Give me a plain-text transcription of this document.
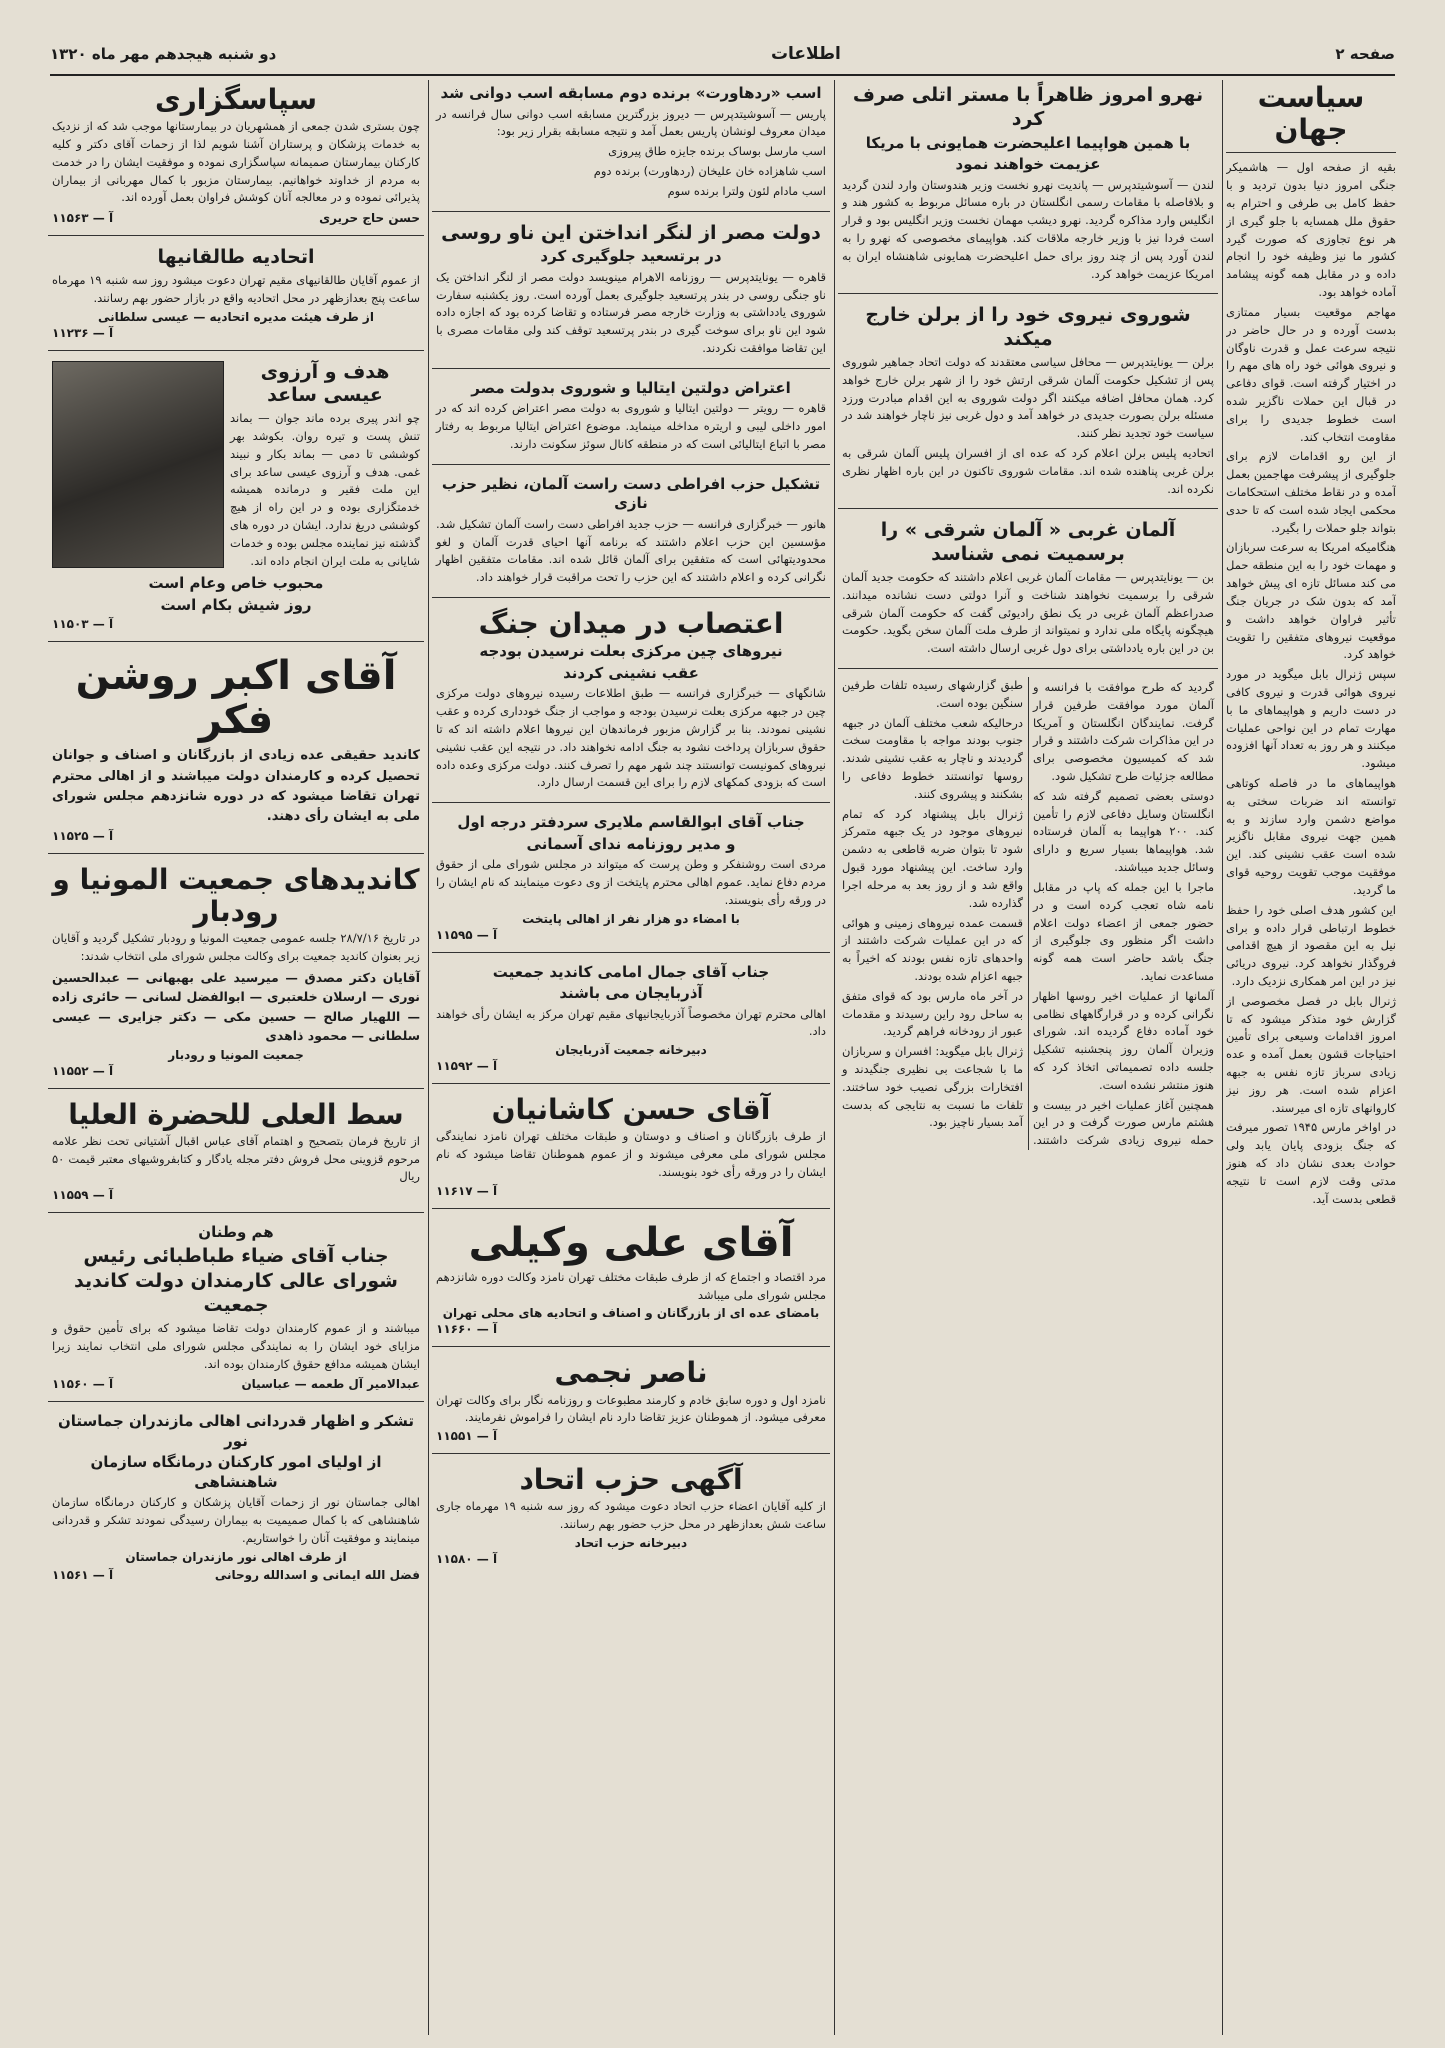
صفحه ۲
اطلاعات
دو شنبه هیجدهم مهر ماه ۱۳۲۰
سیاست جهان

بقیه از صفحه اول — هاشمیکر جنگی امروز دنیا بدون تردید و با حفظ کامل بی طرفی و احترام به حقوق ملل همسایه با جلو گیری از هر نوع تجاوزی که صورت گیرد کشور ما نیز وظیفه خود را انجام داده و در مقابل همه گونه پیشامد آماده خواهد بود.

مهاجم موقعیت بسیار ممتازی بدست آورده و در حال حاضر در نتیجه سرعت عمل و قدرت ناوگان و نیروی هوائی خود راه های مهم را در اختیار گرفته است. قوای دفاعی در قبال این حملات ناگزیر شده است خطوط جدیدی را برای مقاومت انتخاب کند.

از این رو اقدامات لازم برای جلوگیری از پیشرفت مهاجمین بعمل آمده و در نقاط مختلف استحکامات محکمی ایجاد شده است که تا حدی بتواند جلو حملات را بگیرد.

هنگامیکه امریکا به سرعت سربازان و مهمات خود را به این منطقه حمل می کند مسائل تازه ای پیش خواهد آمد که بدون شک در جریان جنگ تأثیر فراوان خواهد داشت و موقعیت نیروهای متفقین را تقویت خواهد کرد.

سپس ژنرال بابل میگوید در مورد نیروی هوائی قدرت و نیروی کافی در دست داریم و هواپیماهای ما با مهارت تمام در این نواحی عملیات میکنند و هر روز به تعداد آنها افزوده میشود.

هواپیماهای ما در فاصله کوتاهی توانسته اند ضربات سختی به مواضع دشمن وارد سازند و به همین جهت نیروی مقابل ناگزیر شده است عقب نشینی کند. این موفقیت موجب تقویت روحیه قوای ما گردید.

این کشور هدف اصلی خود را حفظ خطوط ارتباطی قرار داده و برای نیل به این مقصود از هیچ اقدامی فروگذار نخواهد کرد. نیروی دریائی نیز در این امر همکاری نزدیک دارد.

ژنرال بابل در فصل مخصوصی از گزارش خود متذکر میشود که تا امروز اقدامات وسیعی برای تأمین احتیاجات قشون بعمل آمده و عده زیادی سرباز تازه نفس به جبهه اعزام شده است. هر روز نیز کاروانهای تازه ای میرسند.

در اواخر مارس ۱۹۴۵ تصور میرفت که جنگ بزودی پایان یابد ولی حوادث بعدی نشان داد که هنوز مدتی وقت لازم است تا نتیجه قطعی بدست آید.

نهرو امروز ظاهراً با مستر اتلی صرف کرد
با همین هواپیما اعلیحضرت همایونی با مریکا
عزیمت خواهند نمود

لندن — آسوشیتدپرس — پاندیت نهرو نخست وزیر هندوستان وارد لندن گردید و بلافاصله با مقامات رسمی انگلستان در باره مسائل مربوط به کشور هند و انگلیس وارد مذاکره گردید. نهرو دیشب مهمان نخست وزیر انگلیس بود و قرار است فردا نیز با وزیر خارجه ملاقات کند. هواپیمای مخصوصی که نهرو را به لندن آورد پس از چند روز برای حمل اعلیحضرت همایونی شاهنشاه ایران به امریکا عزیمت خواهد کرد.

شوروی نیروی خود را از برلن خارج میکند

برلن — یونایتدپرس — محافل سیاسی معتقدند که دولت اتحاد جماهیر شوروی پس از تشکیل حکومت آلمان شرقی ارتش خود را از شهر برلن خارج خواهد کرد. همان محافل اضافه میکنند اگر دولت شوروی به این اقدام مبادرت ورزد مسئله برلن بصورت جدیدی در خواهد آمد و دول غربی نیز ناچار خواهند شد در سیاست خود تجدید نظر کنند.

اتحادیه پلیس برلن اعلام کرد که عده ای از افسران پلیس آلمان شرقی به برلن غربی پناهنده شده اند. مقامات شوروی تاکنون در این باره اظهار نظری نکرده اند.

آلمان غربی « آلمان شرقی » را برسمیت نمی شناسد

بن — یونایتدپرس — مقامات آلمان غربی اعلام داشتند که حکومت جدید آلمان شرقی را برسمیت نخواهند شناخت و آنرا دولتی دست نشانده میدانند. صدراعظم آلمان غربی در یک نطق رادیوئی گفت که حکومت آلمان شرقی هیچگونه پایگاه ملی ندارد و نمیتواند از طرف ملت آلمان سخن بگوید. حکومت بن در این باره یادداشتی برای دول غربی ارسال داشته است.

گردید که طرح موافقت با فرانسه و آلمان مورد موافقت طرفین قرار گرفت. نمایندگان انگلستان و آمریکا در این مذاکرات شرکت داشتند و قرار شد که کمیسیون مخصوصی برای مطالعه جزئیات طرح تشکیل شود.

دوستی بعضی تصمیم گرفته شد که انگلستان وسایل دفاعی لازم را تأمین کند. ۲۰۰ هواپیما به آلمان فرستاده شد. هواپیماها بسیار سریع و دارای وسائل جدید میباشند.

ماجرا با این جمله که پاپ در مقابل نامه شاه تعجب کرده است و در حضور جمعی از اعضاء دولت اعلام داشت اگر منظور وی جلوگیری از جنگ باشد حاضر است همه گونه مساعدت نماید.

آلمانها از عملیات اخیر روسها اظهار نگرانی کرده و در قرارگاههای نظامی خود آماده دفاع گردیده اند. شورای وزیران آلمان روز پنجشنبه تشکیل جلسه داده تصمیماتی اتخاذ کرد که هنوز منتشر نشده است.

همچنین آغاز عملیات اخیر در بیست و هشتم مارس صورت گرفت و در این حمله نیروی زیادی شرکت داشتند. طبق گزارشهای رسیده تلفات طرفین سنگین بوده است.

درحالیکه شعب مختلف آلمان در جبهه جنوب بودند مواجه با مقاومت سخت گردیدند و ناچار به عقب نشینی شدند. روسها توانستند خطوط دفاعی را بشکنند و پیشروی کنند.

ژنرال بابل پیشنهاد کرد که تمام نیروهای موجود در یک جبهه متمرکز شود تا بتوان ضربه قاطعی به دشمن وارد ساخت. این پیشنهاد مورد قبول واقع شد و از روز بعد به مرحله اجرا گذارده شد.

قسمت عمده نیروهای زمینی و هوائی که در این عملیات شرکت داشتند از واحدهای تازه نفس بودند که اخیراً به جبهه اعزام شده بودند.

در آخر ماه مارس بود که قوای متفق به ساحل رود راین رسیدند و مقدمات عبور از رودخانه فراهم گردید.

ژنرال بابل میگوید: افسران و سربازان ما با شجاعت بی نظیری جنگیدند و افتخارات بزرگی نصیب خود ساختند. تلفات ما نسبت به نتایجی که بدست آمد بسیار ناچیز بود.

اسب «ردهاورت» برنده دوم مسابقه اسب دوانی شد

پاریس — آسوشیتدپرس — دیروز بزرگترین مسابقه اسب دوانی سال فرانسه در میدان معروف لونشان پاریس بعمل آمد و نتیجه مسابقه بقرار زیر بود:

اسب مارسل بوساک برنده جایزه طاق پیروزی

اسب شاهزاده خان علیخان (ردهاورت) برنده دوم

اسب مادام لئون ولترا برنده سوم

دولت مصر از لنگر انداختن این ناو روسی
در برتسعید جلوگیری کرد

قاهره — یونایتدپرس — روزنامه الاهرام مینویسد دولت مصر از لنگر انداختن یک ناو جنگی روسی در بندر پرتسعید جلوگیری بعمل آورده است. روز یکشنبه سفارت شوروی یادداشتی به وزارت خارجه مصر فرستاده و تقاضا کرده بود که اجازه داده شود این ناو برای سوخت گیری در بندر پرتسعید توقف کند ولی مقامات مصری با این تقاضا موافقت نکردند.

اعتراض دولتین ایتالیا و شوروی بدولت مصر

قاهره — رویتر — دولتین ایتالیا و شوروی به دولت مصر اعتراض کرده اند که در امور داخلی لیبی و اریتره مداخله مینماید. موضوع اعتراض ایتالیا مربوط به رفتار مصر با اتباع ایتالیائی است که در منطقه کانال سوئز سکونت دارند.

تشکیل حزب افراطی دست راست آلمان، نظیر حزب نازی

هانور — خبرگزاری فرانسه — حزب جدید افراطی دست راست آلمان تشکیل شد. مؤسسین این حزب اعلام داشتند که برنامه آنها احیای قدرت آلمان و لغو محدودیتهائی است که متفقین برای آلمان قائل شده اند. مقامات متفقین اظهار نگرانی کرده و اعلام داشتند که این حزب را تحت مراقبت قرار خواهند داد.

اعتصاب در میدان جنگ
نیروهای چین مرکزی بعلت نرسیدن بودجه
عقب نشینی کردند

شانگهای — خبرگزاری فرانسه — طبق اطلاعات رسیده نیروهای دولت مرکزی چین در جبهه مرکزی بعلت نرسیدن بودجه و مواجب از جنگ خودداری کرده و عقب نشینی نمودند. بنا بر گزارش مزبور فرماندهان این نیروها اعلام داشته اند که تا حقوق سربازان پرداخت نشود به جنگ ادامه نخواهند داد. در نتیجه این عقب نشینی نیروهای کمونیست توانستند چند شهر مهم را تصرف کنند. دولت مرکزی وعده داده است که بزودی کمکهای لازم را برای این قسمت ارسال دارد.

جناب آقای ابوالقاسم ملایری سردفتر درجه اول
و مدیر روزنامه ندای آسمانی

مردی است روشنفکر و وطن پرست که میتواند در مجلس شورای ملی از حقوق مردم دفاع نماید. عموم اهالی محترم پایتخت از وی دعوت مینمایند که نام ایشان را در ورقه رأی بنویسند.

با امضاء دو هزار نفر از اهالی پایتخت
آ — ۱۱۵۹۵
جناب آقای جمال امامی کاندید جمعیت
آذربایجان می باشند

اهالی محترم تهران مخصوصاً آذربایجانیهای مقیم تهران مرکز به ایشان رأی خواهند داد.

دبیرخانه جمعیت آذربایجان
آ — ۱۱۵۹۲
آقای حسن کاشانیان

از طرف بازرگانان و اصناف و دوستان و طبقات مختلف تهران نامزد نمایندگی مجلس شورای ملی معرفی میشوند و از عموم هموطنان تقاضا میشود که نام ایشان را در ورقه رأی خود بنویسند.

آ — ۱۱۶۱۷
آقای علی وکیلی

مرد اقتصاد و اجتماع که از طرف طبقات مختلف تهران نامزد وکالت دوره شانزدهم مجلس شورای ملی میباشد

بامضای عده ای از بازرگانان و اصناف و اتحادیه های محلی تهران
آ — ۱۱۶۶۰
ناصر نجمی

نامزد اول و دوره سابق خادم و کارمند مطبوعات و روزنامه نگار برای وکالت تهران معرفی میشود. از هموطنان عزیز تقاضا دارد نام ایشان را فراموش نفرمایند.

آ — ۱۱۵۵۱
آگهی حزب اتحاد

از کلیه آقایان اعضاء حزب اتحاد دعوت میشود که روز سه شنبه ۱۹ مهرماه جاری ساعت شش بعدازظهر در محل حزب حضور بهم رسانند.

دبیرخانه حزب اتحاد
آ — ۱۱۵۸۰
سپاسگزاری

چون بستری شدن جمعی از همشهریان در بیمارستانها موجب شد که از نزدیک به خدمات پزشکان و پرستاران آشنا شویم لذا از زحمات آقای دکتر و کلیه کارکنان بیمارستان صمیمانه سپاسگزاری نموده و موفقیت ایشان را در خدمت به مردم از خداوند خواهانیم. بیمارستان مزبور با کمال مهربانی از بیماران پذیرائی نموده و در معالجه آنان کوشش فراوان بعمل آورده اند.

حسن حاج حریری
آ — ۱۱۵۶۳
اتحادیه طالقانیها

از عموم آقایان طالقانیهای مقیم تهران دعوت میشود روز سه شنبه ۱۹ مهرماه ساعت پنج بعدازظهر در محل اتحادیه واقع در بازار حضور بهم رسانند.

از طرف هیئت مدیره اتحادیه — عیسی سلطانی
آ — ۱۱۲۳۶
هدف و آرزوی عیسی ساعد

چو اندر پیری برده ماند جوان — بماند تنش پست و تیره روان. بکوشد بهر کوششی تا دمی — بماند بکار و نبیند غمی. هدف و آرزوی عیسی ساعد برای این ملت فقیر و درمانده همیشه خدمتگزاری بوده و در این راه از هیچ کوششی دریغ ندارد. ایشان در دوره های گذشته نیز نماینده مجلس بوده و خدمات شایانی به ملت ایران انجام داده اند.

محبوب خاص وعام است
روز شیش بکام است
آ — ۱۱۵۰۳
آقای اکبر روشن فکر

کاندید حقیقی عده زیادی از بازرگانان و اصناف و جوانان تحصیل کرده و کارمندان دولت میباشند و از اهالی محترم تهران تقاضا میشود که در دوره شانزدهم مجلس شورای ملی به ایشان رأی دهند.

آ — ۱۱۵۲۵
کاندیدهای جمعیت المونیا و رودبار

در تاریخ ۲۸/۷/۱۶ جلسه عمومی جمعیت المونیا و رودبار تشکیل گردید و آقایان زیر بعنوان کاندید جمعیت برای وکالت مجلس شورای ملی انتخاب شدند:

آقایان دکتر مصدق — میرسید علی بهبهانی — عبدالحسین نوری — ارسلان خلعتبری — ابوالفضل لسانی — حائری زاده — اللهیار صالح — حسین مکی — دکتر جزایری — عیسی سلطانی — محمود ذاهدی

جمعیت المونیا و رودبار
آ — ۱۱۵۵۲
سط العلی للحضرة العلیا

از تاریخ فرمان بتصحیح و اهتمام آقای عباس اقبال آشتیانی تحت نظر علامه مرحوم قزوینی محل فروش دفتر مجله یادگار و کتابفروشیهای معتبر قیمت ۵۰ ریال

آ — ۱۱۵۵۹
هم وطنان
جناب آقای ضیاء طباطبائی رئیس
شورای عالی کارمندان دولت کاندید جمعیت

میباشند و از عموم کارمندان دولت تقاضا میشود که برای تأمین حقوق و مزایای خود ایشان را به نمایندگی مجلس شورای ملی انتخاب نمایند زیرا ایشان همیشه مدافع حقوق کارمندان بوده اند.

عبدالامیر آل طعمه — عباسیان
آ — ۱۱۵۶۰
تشکر و اظهار قدردانی اهالی مازندران جماستان نور
از اولیای امور کارکنان درمانگاه سازمان شاهنشاهی

اهالی جماستان نور از زحمات آقایان پزشکان و کارکنان درمانگاه سازمان شاهنشاهی که با کمال صمیمیت به بیماران رسیدگی نمودند تشکر و قدردانی مینمایند و موفقیت آنان را خواستاریم.

از طرف اهالی نور مازندران جماستان
فضل الله ایمانی و اسدالله روحانی
آ — ۱۱۵۶۱
